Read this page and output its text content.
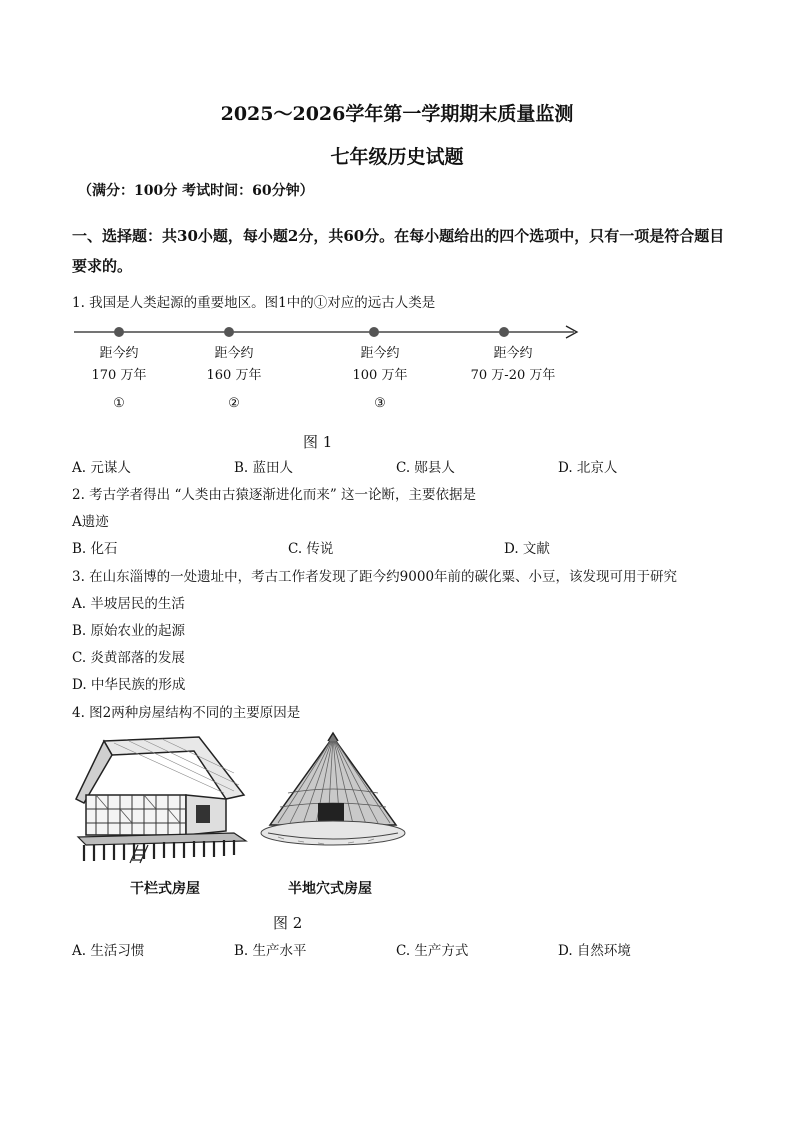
2025～2026学年第一学期期末质量监测
七年级历史试题
（满分：100分 考试时间：60分钟）
一、选择题：共30小题，每小题2分，共60分。在每小题给出的四个选项中，只有一项是符合题目要求的。
1. 我国是人类起源的重要地区。图1中的①对应的远古人类是
距今约
170 万年
①
距今约
160 万年
②
距今约
100 万年
③
距今约
70 万-20 万年
图 1
A. 元谋人	B. 蓝田人	C. 郧县人	D. 北京人
2. 考古学者得出 “人类由古猿逐渐进化而来” 这一论断，主要依据是
A遗迹
B. 化石	C. 传说	D. 文献
3. 在山东淄博的一处遗址中，考古工作者发现了距今约9000年前的碳化粟、小豆，该发现可用于研究
A. 半坡居民的生活
B. 原始农业的起源
C. 炎黄部落的发展
D. 中华民族的形成
4. 图2两种房屋结构不同的主要原因是
干栏式房屋	半地穴式房屋
图 2
A. 生活习惯	B. 生产水平	C. 生产方式	D. 自然环境
